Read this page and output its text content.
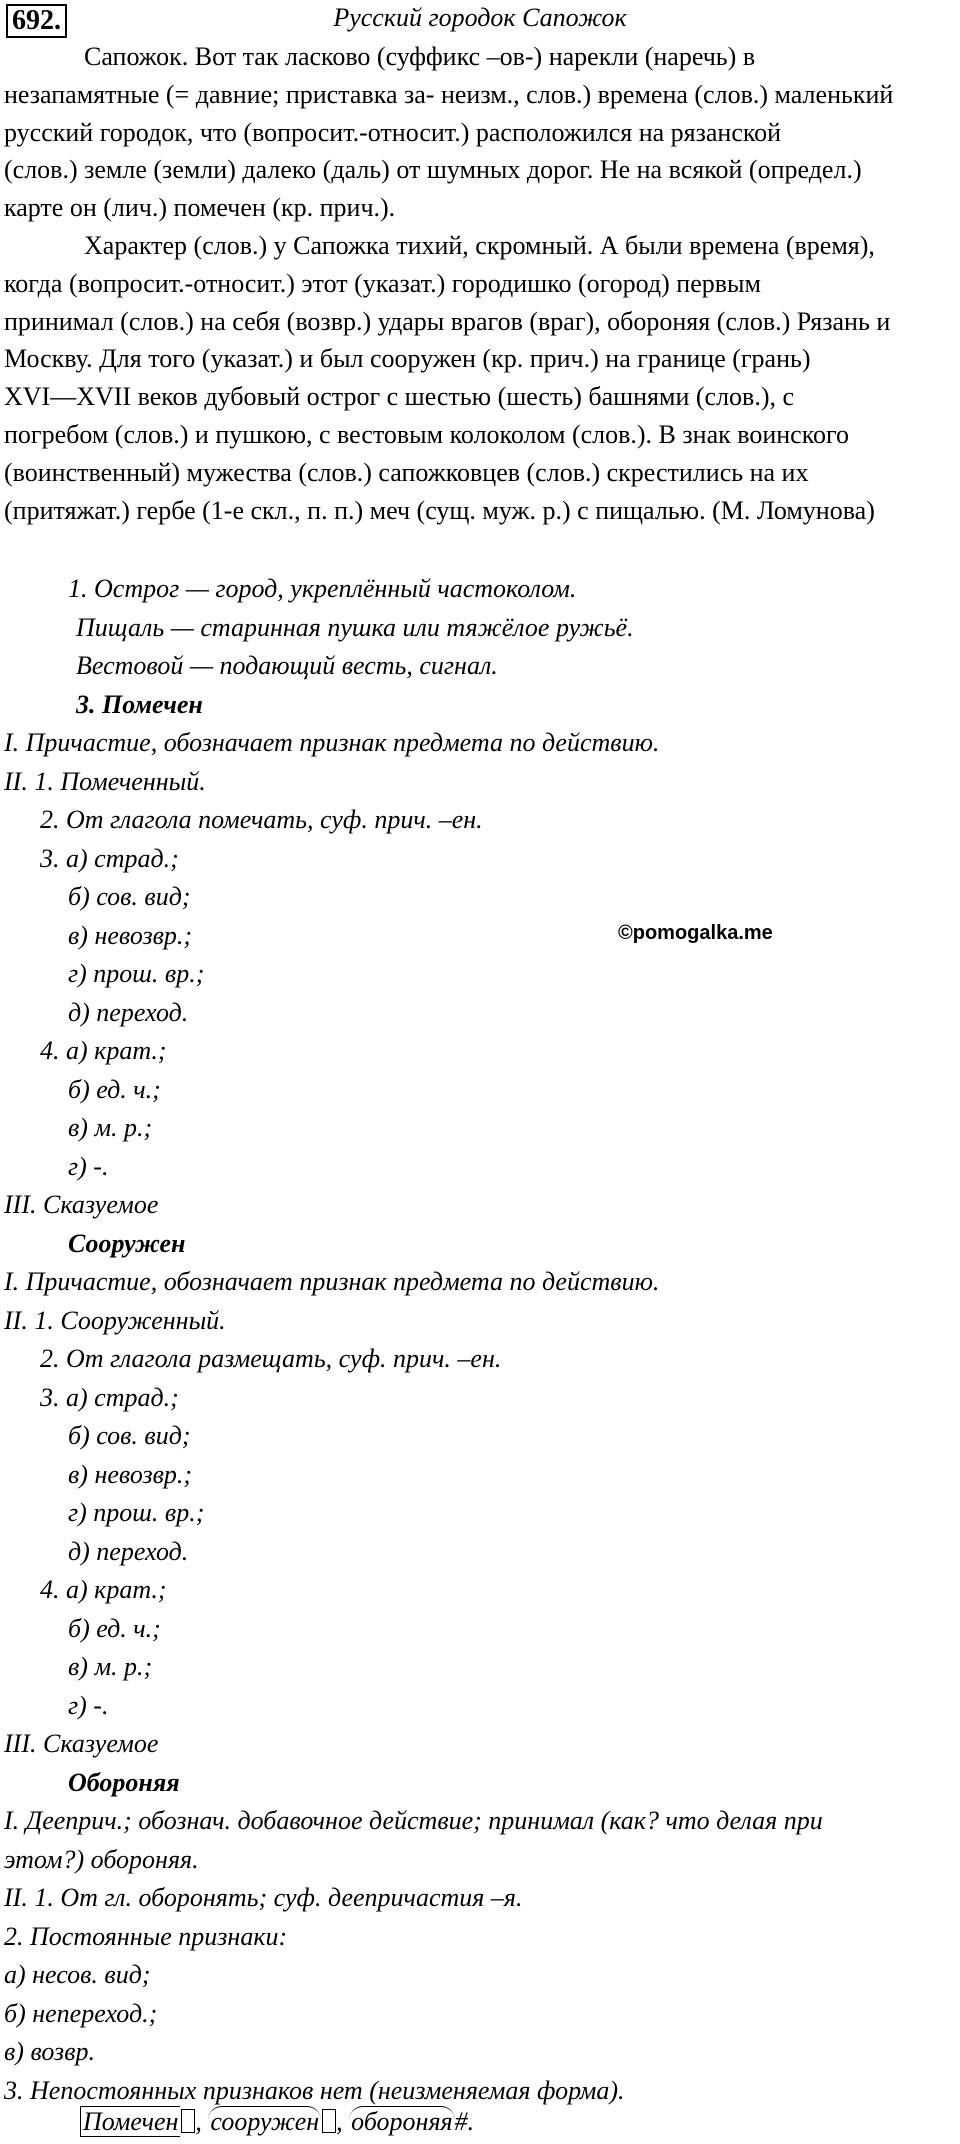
692.	Русский городок Сапожок
Сапожок. Вот так ласково (суффикс –ов-) нарекли (наречь) в
незапамятные (= давние; приставка за- неизм., слов.) времена (слов.) маленький
русский городок, что (вопросит.-относит.) расположился на рязанской
(слов.) земле (земли) далеко (даль) от шумных дорог. Не на всякой (определ.)
карте он (лич.) помечен (кр. прич.).
Характер (слов.) у Сапожка тихий, скромный. А были времена (время),
когда (вопросит.-относит.) этот (указат.) городишко (огород) первым
принимал (слов.) на себя (возвр.) удары врагов (враг), обороняя (слов.) Рязань и
Москву. Для того (указат.) и был сооружен (кр. прич.) на границе (грань)
XVI—XVII веков дубовый острог с шестью (шесть) башнями (слов.), с
погребом (слов.) и пушкою, с вестовым колоколом (слов.). В знак воинского
(воинственный) мужества (слов.) сапожковцев (слов.) скрестились на их
(притяжат.) гербе (1-е скл., п. п.) меч (сущ. муж. р.) с пищалью. (М. Ломунова)
1. Острог — город, укреплённый частоколом.
Пищаль — старинная пушка или тяжёлое ружьё.
Вестовой — подающий весть, сигнал.
3. Помечен
I. Причастие, обозначает признак предмета по действию.
II. 1. Помеченный.
2. От глагола помечать, суф. прич. –ен.
3. а) страд.;
б) сов. вид;
в) невозвр.;
г) прош. вр.;
д) переход.
4. а) крат.;
б) ед. ч.;
в) м. р.;
г) -.
III. Сказуемое
Сооружен
I. Причастие, обозначает признак предмета по действию.
II. 1. Сооруженный.
2. От глагола размещать, суф. прич. –ен.
3. а) страд.;
б) сов. вид;
в) невозвр.;
г) прош. вр.;
д) переход.
4. а) крат.;
б) ед. ч.;
в) м. р.;
г) -.
III. Сказуемое
Обороняя
I. Дееприч.; обознач. добавочное действие; принимал (как? что делая при
этом?) обороняя.
II. 1. От гл. оборонять; суф. деепричастия –я.
2. Постоянные признаки:
а) несов. вид;
б) непереход.;
в) возвр.
3. Непостоянных признаков нет (неизменяемая форма).
©pomogalka.me
Помечен , сооружен , обороняя#.
